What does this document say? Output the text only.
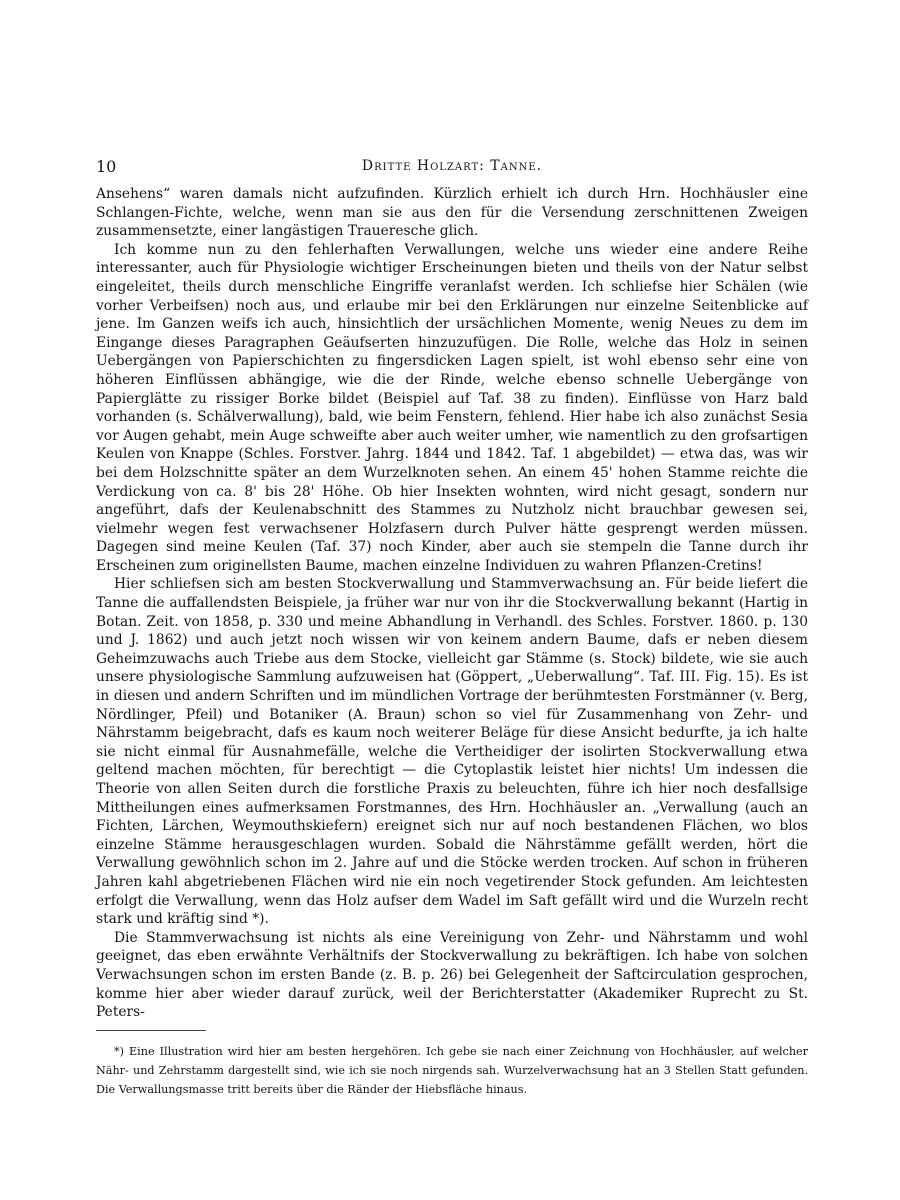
10	Dritte Holzart: Tanne.

Ansehens“ waren damals nicht aufzufinden. Kürzlich erhielt ich durch Hrn. Hochhäusler eine Schlangen-Fichte, welche, wenn man sie aus den für die Versendung zerschnittenen Zweigen zusammensetzte, einer langästigen Traueresche glich.

Ich komme nun zu den fehlerhaften Verwallungen, welche uns wieder eine andere Reihe interessanter, auch für Physiologie wichtiger Erscheinungen bieten und theils von der Natur selbst eingeleitet, theils durch menschliche Eingriffe veranlafst werden. Ich schliefse hier Schälen (wie vorher Verbeifsen) noch aus, und erlaube mir bei den Erklärungen nur einzelne Seitenblicke auf jene. Im Ganzen weifs ich auch, hinsichtlich der ursächlichen Momente, wenig Neues zu dem im Eingange dieses Paragraphen Geäufserten hinzuzufügen. Die Rolle, welche das Holz in seinen Uebergängen von Papierschichten zu fingersdicken Lagen spielt, ist wohl ebenso sehr eine von höheren Einflüssen abhängige, wie die der Rinde, welche ebenso schnelle Uebergänge von Papierglätte zu rissiger Borke bildet (Beispiel auf Taf. 38 zu finden). Einflüsse von Harz bald vorhanden (s. Schälverwallung), bald, wie beim Fenstern, fehlend. Hier habe ich also zunächst Sesia vor Augen gehabt, mein Auge schweifte aber auch weiter umher, wie namentlich zu den grofsartigen Keulen von Knappe (Schles. Forstver. Jahrg. 1844 und 1842. Taf. 1 abgebildet) — etwa das, was wir bei dem Holzschnitte später an dem Wurzelknoten sehen. An einem 45' hohen Stamme reichte die Verdickung von ca. 8' bis 28' Höhe. Ob hier Insekten wohnten, wird nicht gesagt, sondern nur angeführt, dafs der Keulenabschnitt des Stammes zu Nutzholz nicht brauchbar gewesen sei, vielmehr wegen fest verwachsener Holzfasern durch Pulver hätte gesprengt werden müssen. Dagegen sind meine Keulen (Taf. 37) noch Kinder, aber auch sie stempeln die Tanne durch ihr Erscheinen zum originellsten Baume, machen einzelne Individuen zu wahren Pflanzen-Cretins!

Hier schliefsen sich am besten Stockverwallung und Stammverwachsung an. Für beide liefert die Tanne die auffallendsten Beispiele, ja früher war nur von ihr die Stockverwallung bekannt (Hartig in Botan. Zeit. von 1858, p. 330 und meine Abhandlung in Verhandl. des Schles. Forstver. 1860. p. 130 und J. 1862) und auch jetzt noch wissen wir von keinem andern Baume, dafs er neben diesem Geheimzuwachs auch Triebe aus dem Stocke, vielleicht gar Stämme (s. Stock) bildete, wie sie auch unsere physiologische Sammlung aufzuweisen hat (Göppert, „Ueberwallung“. Taf. III. Fig. 15). Es ist in diesen und andern Schriften und im mündlichen Vortrage der berühmtesten Forstmänner (v. Berg, Nördlinger, Pfeil) und Botaniker (A. Braun) schon so viel für Zusammenhang von Zehr- und Nährstamm beigebracht, dafs es kaum noch weiterer Beläge für diese Ansicht bedurfte, ja ich halte sie nicht einmal für Ausnahmefälle, welche die Vertheidiger der isolirten Stockverwallung etwa geltend machen möchten, für berechtigt — die Cytoplastik leistet hier nichts! Um indessen die Theorie von allen Seiten durch die forstliche Praxis zu beleuchten, führe ich hier noch desfallsige Mittheilungen eines aufmerksamen Forstmannes, des Hrn. Hochhäusler an. „Verwallung (auch an Fichten, Lärchen, Weymouthskiefern) ereignet sich nur auf noch bestandenen Flächen, wo blos einzelne Stämme herausgeschlagen wurden. Sobald die Nährstämme gefällt werden, hört die Verwallung gewöhnlich schon im 2. Jahre auf und die Stöcke werden trocken. Auf schon in früheren Jahren kahl abgetriebenen Flächen wird nie ein noch vegetirender Stock gefunden. Am leichtesten erfolgt die Verwallung, wenn das Holz aufser dem Wadel im Saft gefällt wird und die Wurzeln recht stark und kräftig sind *).

Die Stammverwachsung ist nichts als eine Vereinigung von Zehr- und Nährstamm und wohl geeignet, das eben erwähnte Verhältnifs der Stockverwallung zu bekräftigen. Ich habe von solchen Verwachsungen schon im ersten Bande (z. B. p. 26) bei Gelegenheit der Saftcirculation gesprochen, komme hier aber wieder darauf zurück, weil der Berichterstatter (Akademiker Ruprecht zu St. Peters-

*) Eine Illustration wird hier am besten hergehören. Ich gebe sie nach einer Zeichnung von Hochhäusler, auf welcher Nähr- und Zehrstamm dargestellt sind, wie ich sie noch nirgends sah. Wurzelverwachsung hat an 3 Stellen Statt gefunden. Die Verwallungsmasse tritt bereits über die Ränder der Hiebsfläche hinaus.
